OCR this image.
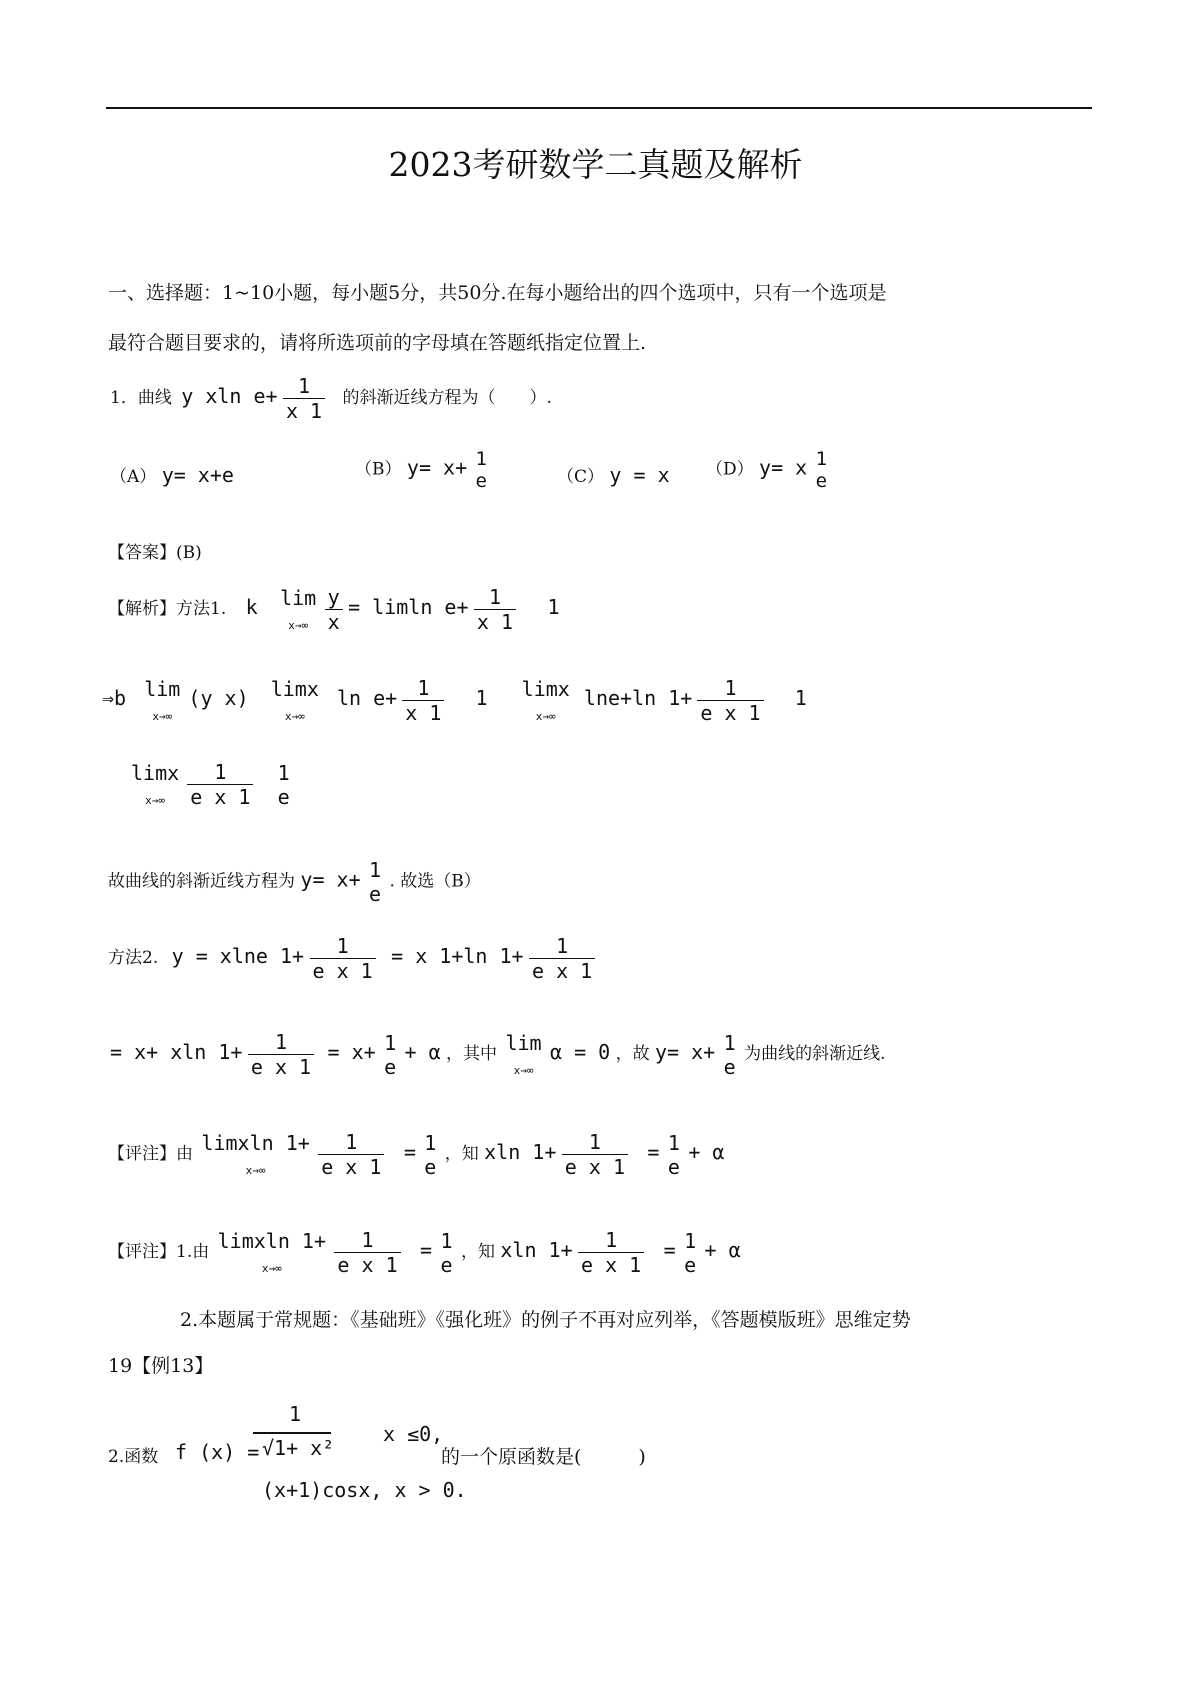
2023考研数学二真题及解析
一、选择题：1~10小题，每小题5分，共50分.在每小题给出的四个选项中，只有一个选项是
最符合题目要求的，请将所选项前的字母填在答题纸指定位置上.
1．曲线 y xln $e+ \frac{1}{x 1}$ 的斜渐近线方程为（　　）.
（A） y= x+e	（B） y= x+ 1
e	（C） y = x （D） y= x 1
e
【答案】(B)
【解析】方法1. k lim
$x\to\infty \frac{y}{x} = limln$ $e+ \frac{1}{x 1} 1$
⇒b lim
x→∞ (y x) limx
x→∞ $\ln e+ \frac{1}{x 1} 1$ limx
x→∞ lne+ln $1+ \frac{1}{\text{e x 1}} 1$
limx
$x\to\infty \frac{1}{\text{e x 1}}$
1
e
故曲线的斜渐近线方程为 y= x+ 1
e
. 故选（B）
方法2. y = xlne $1+ \frac{1}{\text{e x 1}} = x$ 1+ln $1+ \frac{1}{\text{e x 1}}$
= x+ xln $1+ \frac{1}{\text{e x 1}} = x+ 1$
e
+ α ，其中 lim
x→∞ α = 0 ，故 y= x+ 1
e
为曲线的斜渐近线.
【评注】由 limxln 1+
x→∞	$\frac{1}{\text{e x 1}} = 1$
e
，知 xln $1+ \frac{1}{\text{e x 1}} = 1$
e
+ α
【评注】1.由 limxln 1+
x→∞	$\frac{1}{\text{e x 1}} = 1$
e
，知 xln $1+ \frac{1}{\text{e x 1}} = 1$
e
+ α
2.本题属于常规题：《基础班》《强化班》的例子不再对应列举，《答题模版班》思维定势
19【例13】
2.函数 f (x) =
1
√1+ x²
x ≤0,
(x+1)cosx, x > 0.
的一个原函数是(　　　)
